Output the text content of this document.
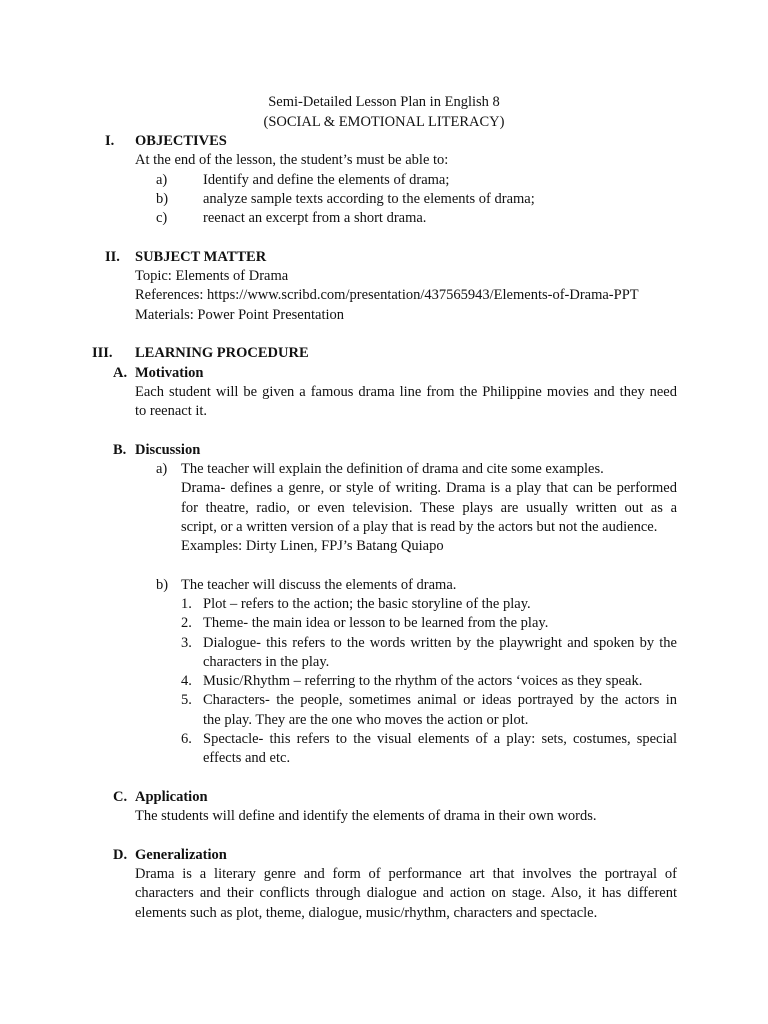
Semi-Detailed Lesson Plan in English 8
(SOCIAL & EMOTIONAL LITERACY)
I. OBJECTIVES
At the end of the lesson, the student’s must be able to:
a) Identify and define the elements of drama;
b) analyze sample texts according to the elements of drama;
c) reenact an excerpt from a short drama.
II. SUBJECT MATTER
Topic: Elements of Drama
References: https://www.scribd.com/presentation/437565943/Elements-of-Drama-PPT
Materials: Power Point Presentation
III. LEARNING PROCEDURE
A. Motivation
Each student will be given a famous drama line from the Philippine movies and they need
to reenact it.
B. Discussion
a) The teacher will explain the definition of drama and cite some examples.
Drama- defines a genre, or style of writing. Drama is a play that can be performed
for theatre, radio, or even television. These plays are usually written out as a
script, or a written version of a play that is read by the actors but not the audience.
Examples: Dirty Linen, FPJ’s Batang Quiapo
b) The teacher will discuss the elements of drama.
1. Plot – refers to the action; the basic storyline of the play.
2. Theme- the main idea or lesson to be learned from the play.
3. Dialogue- this refers to the words written by the playwright and spoken by the
characters in the play.
4. Music/Rhythm – referring to the rhythm of the actors ‘voices as they speak.
5. Characters- the people, sometimes animal or ideas portrayed by the actors in
the play. They are the one who moves the action or plot.
6. Spectacle- this refers to the visual elements of a play: sets, costumes, special
effects and etc.
C. Application
The students will define and identify the elements of drama in their own words.
D. Generalization
Drama is a literary genre and form of performance art that involves the portrayal of
characters and their conflicts through dialogue and action on stage. Also, it has different
elements such as plot, theme, dialogue, music/rhythm, characters and spectacle.
